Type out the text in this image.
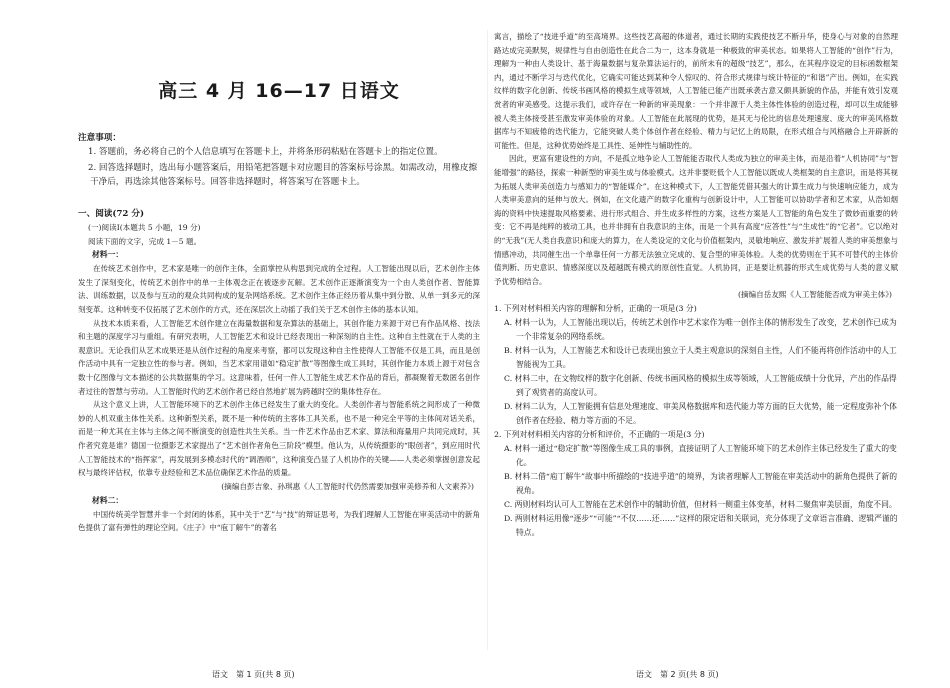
高三 4 月 16—17 日语文
注意事项：
1. 答题前，务必将自己的个人信息填写在答题卡上，并将条形码粘贴在答题卡上的指定位置。
2. 回答选择题时，选出每小题答案后，用铅笔把答题卡对应题目的答案标号涂黑。如需改动，用橡皮擦干净后，再选涂其他答案标号。回答非选择题时，将答案写在答题卡上。
一、阅读(72 分)
(一)阅读Ⅰ(本题共 5 小题，19 分)
阅读下面的文字，完成 1－5 题。
材料一：

在传统艺术创作中，艺术家是唯一的创作主体，全面掌控从构思到完成的全过程。人工智能出现以后，艺术创作主体发生了深刻变化，传统艺术创作中的单一主体观念正在被逐步瓦解。艺术创作正逐渐演变为一个由人类创作者、智能算法、训练数据，以及参与互动的观众共同构成的复杂网络系统。艺术创作主体正经历着从集中到分散、从单一到多元的深刻变革。这种转变不仅拓展了艺术创作的方式，还在深层次上动摇了我们关于艺术创作主体的基本认知。

从技术本质来看，人工智能艺术创作建立在海量数据和复杂算法的基础上，其创作能力来源于对已有作品风格、技法和主题的深度学习与重组。有研究表明，人工智能艺术和设计已经表现出一种深刻的自主性。这种自主性就在于人类的主观意识。无论我们从艺术成果还是从创作过程的角度来考察，都可以发现这种自主性使得人工智能不仅是工具，而且是创作活动中具有一定独立性的参与者。例如，当艺术家用谱如“稳定扩散”等图像生成工具时，其创作能力本质上源于对包含数十亿图像与文本描述的公共数据集的学习。这意味着，任何一件人工智能生成艺术作品的背后，都凝聚着无数匿名创作者过往的智慧与劳动。人工智能时代的艺术创作者已经自然地扩展为跨越时空的集体性存在。

从这个意义上讲，人工智能环境下的艺术创作主体已经发生了重大的变化。人类创作者与智能系统之间形成了一种微妙的人机双重主体性关系。这种新型关系，既不是一种传统的主客体工具关系，也不是一种完全平等的主体间对话关系，而是一种尤其在主体与主体之间不断演变的创造性共生关系。当一件艺术作品由艺术家、算法和海量用户共同完成时，其作者究竟是谁？德国一位摄影艺术家提出了“艺术创作者角色三阶段”模型。他认为，从传统摄影的“眼创者”，到应用时代人工智能技术的“指挥家”，再发展到多模态时代的“调酒师”，这种演变凸显了人机协作的关键——人类必须掌握创意发起权与最终评估权，依靠专业经验和艺术品位确保艺术作品的质量。

(摘编自彭吉象、孙琪惠《人工智能时代仍然需要加强审美修养和人文素养》)
材料二：

中国传统美学智慧并非一个封闭的体系，其中关于“艺”与“技”的辩证思考，为我们理解人工智能在审美活动中的新角色提供了富有弹性的理论空间。《庄子》中“庖丁解牛”的著名

寓言，描绘了“技进乎道”的至高境界。这些技艺高超的体道者，通过长期的实践使技艺不断升华，使身心与对象的自然理路达成完美默契，规律性与自由创造性在此合二为一，这本身就是一种极致的审美状态。如果将人工智能的“创作”行为，理解为一种由人类设计、基于海量数据与复杂算法运行的，前所未有的超级“技艺”，那么，在其程序设定的目标函数框架内，通过不断学习与迭代优化，它确实可能达到某种令人惊叹的、符合形式规律与统计特征的“和谐”产出。例如，在实践纹样的数字化创新、传统书画风格的模拟生成等领域，人工智能已能产出既承袭古意又颇具新貌的作品，并能有效引发观赏者的审美感受。这提示我们，或许存在一种新的审美现象：一个并非源于人类主体性体验的创造过程，却可以生成能够被人类主体接受甚至激发审美体验的对象。人工智能在此展现的优势，是其无与伦比的信息处理速度、庞大的审美风格数据库与不知疲倦的迭代能力，它能突破人类个体创作者在经验、精力与记忆上的局限，在形式组合与风格融合上开辟新的可能性。但是，这种优势始终是工具性、延伸性与辅助性的。

因此，更富有建设性的方向，不是孤立地争论人工智能能否取代人类成为独立的审美主体，而是沿着“人机协同”与“智能增强”的路径，探索一种新型的审美生成与体验模式。这并非要贬低个人工智能以既成人类框架的自主意识，而是将其视为拓展人类审美创造力与感知力的“智能媒介”。在这种模式下，人工智能凭借其强大的计算生成力与快速响应能力，成为人类审美意向的延伸与放大。例如，在文化遗产的数字化重构与创新设计中，人工智能可以协助学者和艺术家，从浩如烟海的资料中快速提取风格要素、进行形式组合、并生成多样性的方案，这些方案是人工智能的角色发生了微妙而重要的转变：它不再是纯粹的被动工具，也并非拥有自我意识的主体，而是一个具有高度“应答性”与“生成性”的“它者”。它以绝对的“无我”(无人类自我意识)和庞大的算力，在人类设定的文化与价值框架内，灵敏地响应、激发并扩展着人类的审美想象与情感冲动，共同催生出一个单靠任何一方都无法独立完成的、复合型的审美体验。人类的优势则在于其不可替代的主体价值判断、历史意识、情感深度以及超越既有模式的原创性直觉。人机协同，正是要让机器的形式生成优势与人类的意义赋予优势相结合。

(摘编自岳友熙《人工智能能否成为审美主体》)
1. 下列对材料相关内容的理解和分析，正确的一项是(3 分)
A. 材料一认为，人工智能出现以后，传统艺术创作中艺术家作为唯一创作主体的情形发生了改变，艺术创作已成为一个非常复杂的网络系统。
B. 材料一认为，人工智能艺术和设计已表现出独立于人类主观意识的深刻自主性，人们不能再将创作活动中的人工智能视为工具。
C. 材料二中，在文物纹样的数字化创新、传统书画风格的模拟生成等领域，人工智能成绩十分优异，产出的作品得到了观赏者的高度认可。
D. 材料二认为，人工智能拥有信息处理速度、审美风格数据库和迭代能力等方面的巨大优势，能一定程度弥补个体创作者在经验、精力等方面的不足。
2. 下列对材料相关内容的分析和评价，不正确的一项是(3 分)
A. 材料一通过“稳定扩散”等图像生成工具的事例，直接证明了人工智能环境下的艺术创作主体已经发生了重大的变化。
B. 材料二借“庖丁解牛”故事中所描绘的“技进乎道”的境界，为读者理解人工智能在审美活动中的新角色提供了新的视角。
C. 两则材料均认可人工智能在艺术创作中的辅助价值，但材料一侧重主体变革，材料二聚焦审美层面，角度不同。
D. 两则材料运用像“逐步”“可能”“不仅……还……”这样的限定语和关联词，充分体现了文章语言准确、逻辑严谨的特点。
语文　第 1 页(共 8 页)	语文　第 2 页(共 8 页)
